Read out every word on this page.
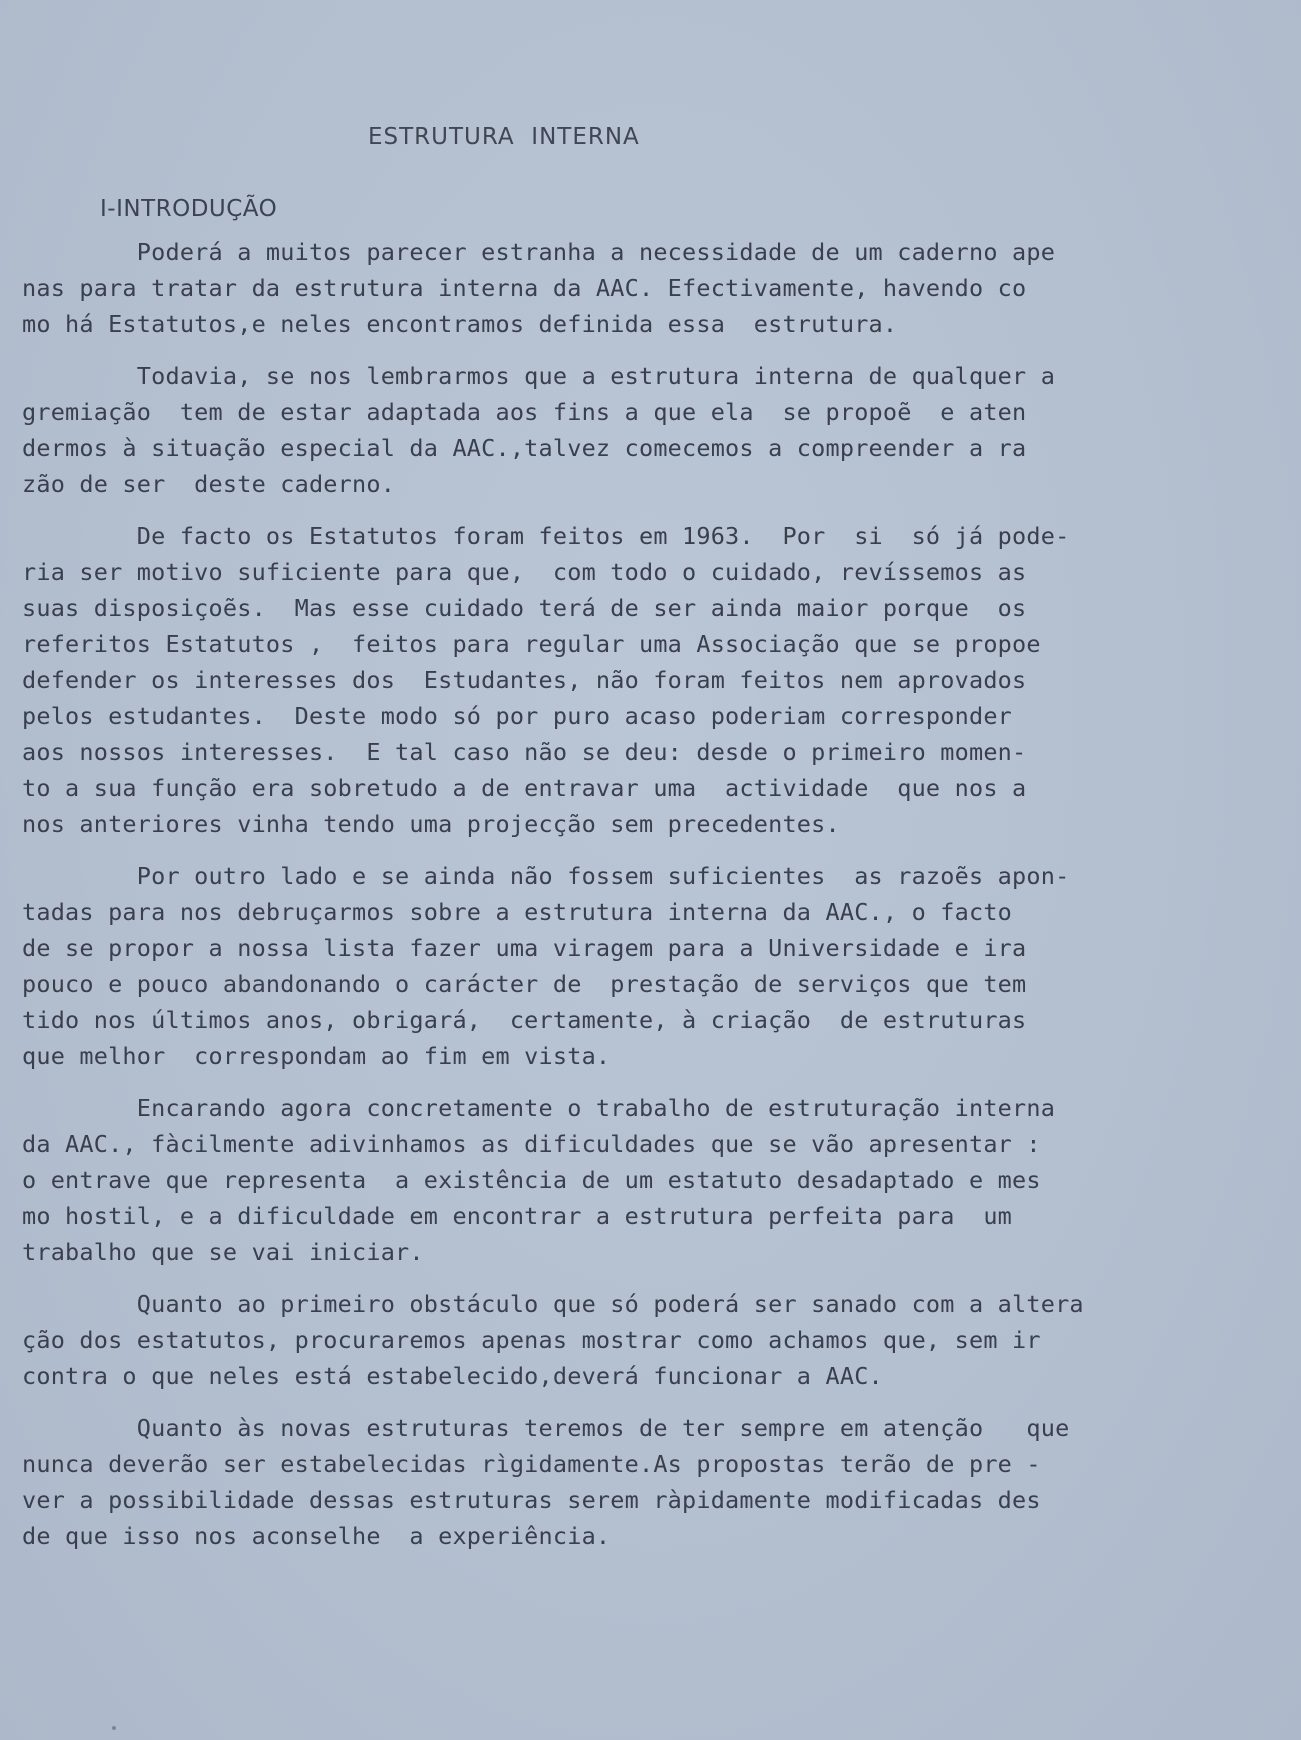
ESTRUTURA  INTERNA
I-INTRODUÇÃO
Poderá a muitos parecer estranha a necessidade de um caderno ape
nas para tratar da estrutura interna da AAC. Efectivamente, havendo co
mo há Estatutos,e neles encontramos definida essa  estrutura.
Todavia, se nos lembrarmos que a estrutura interna de qualquer a
gremiação  tem de estar adaptada aos fins a que ela  se propoẽ  e aten
dermos à situação especial da AAC.,talvez comecemos a compreender a ra
zão de ser  deste caderno.
De facto os Estatutos foram feitos em 1963.  Por  si  só já pode-
ria ser motivo suficiente para que,  com todo o cuidado, revíssemos as
suas disposiçoẽs.  Mas esse cuidado terá de ser ainda maior porque  os
referitos Estatutos ,  feitos para regular uma Associação que se propoe
defender os interesses dos  Estudantes, não foram feitos nem aprovados
pelos estudantes.  Deste modo só por puro acaso poderiam corresponder
aos nossos interesses.  E tal caso não se deu: desde o primeiro momen-
to a sua função era sobretudo a de entravar uma  actividade  que nos a
nos anteriores vinha tendo uma projecção sem precedentes.
Por outro lado e se ainda não fossem suficientes  as razoẽs apon-
tadas para nos debruçarmos sobre a estrutura interna da AAC., o facto
de se propor a nossa lista fazer uma viragem para a Universidade e ira
pouco e pouco abandonando o carácter de  prestação de serviços que tem
tido nos últimos anos, obrigará,  certamente, à criação  de estruturas
que melhor  correspondam ao fim em vista.
Encarando agora concretamente o trabalho de estruturação interna
da AAC., fàcilmente adivinhamos as dificuldades que se vão apresentar :
o entrave que representa  a existência de um estatuto desadaptado e mes
mo hostil, e a dificuldade em encontrar a estrutura perfeita para  um
trabalho que se vai iniciar.
Quanto ao primeiro obstáculo que só poderá ser sanado com a altera
ção dos estatutos, procuraremos apenas mostrar como achamos que, sem ir
contra o que neles está estabelecido,deverá funcionar a AAC.
Quanto às novas estruturas teremos de ter sempre em atenção   que
nunca deverão ser estabelecidas rìgidamente.As propostas terão de pre -
ver a possibilidade dessas estruturas serem ràpidamente modificadas des
de que isso nos aconselhe  a experiência.
